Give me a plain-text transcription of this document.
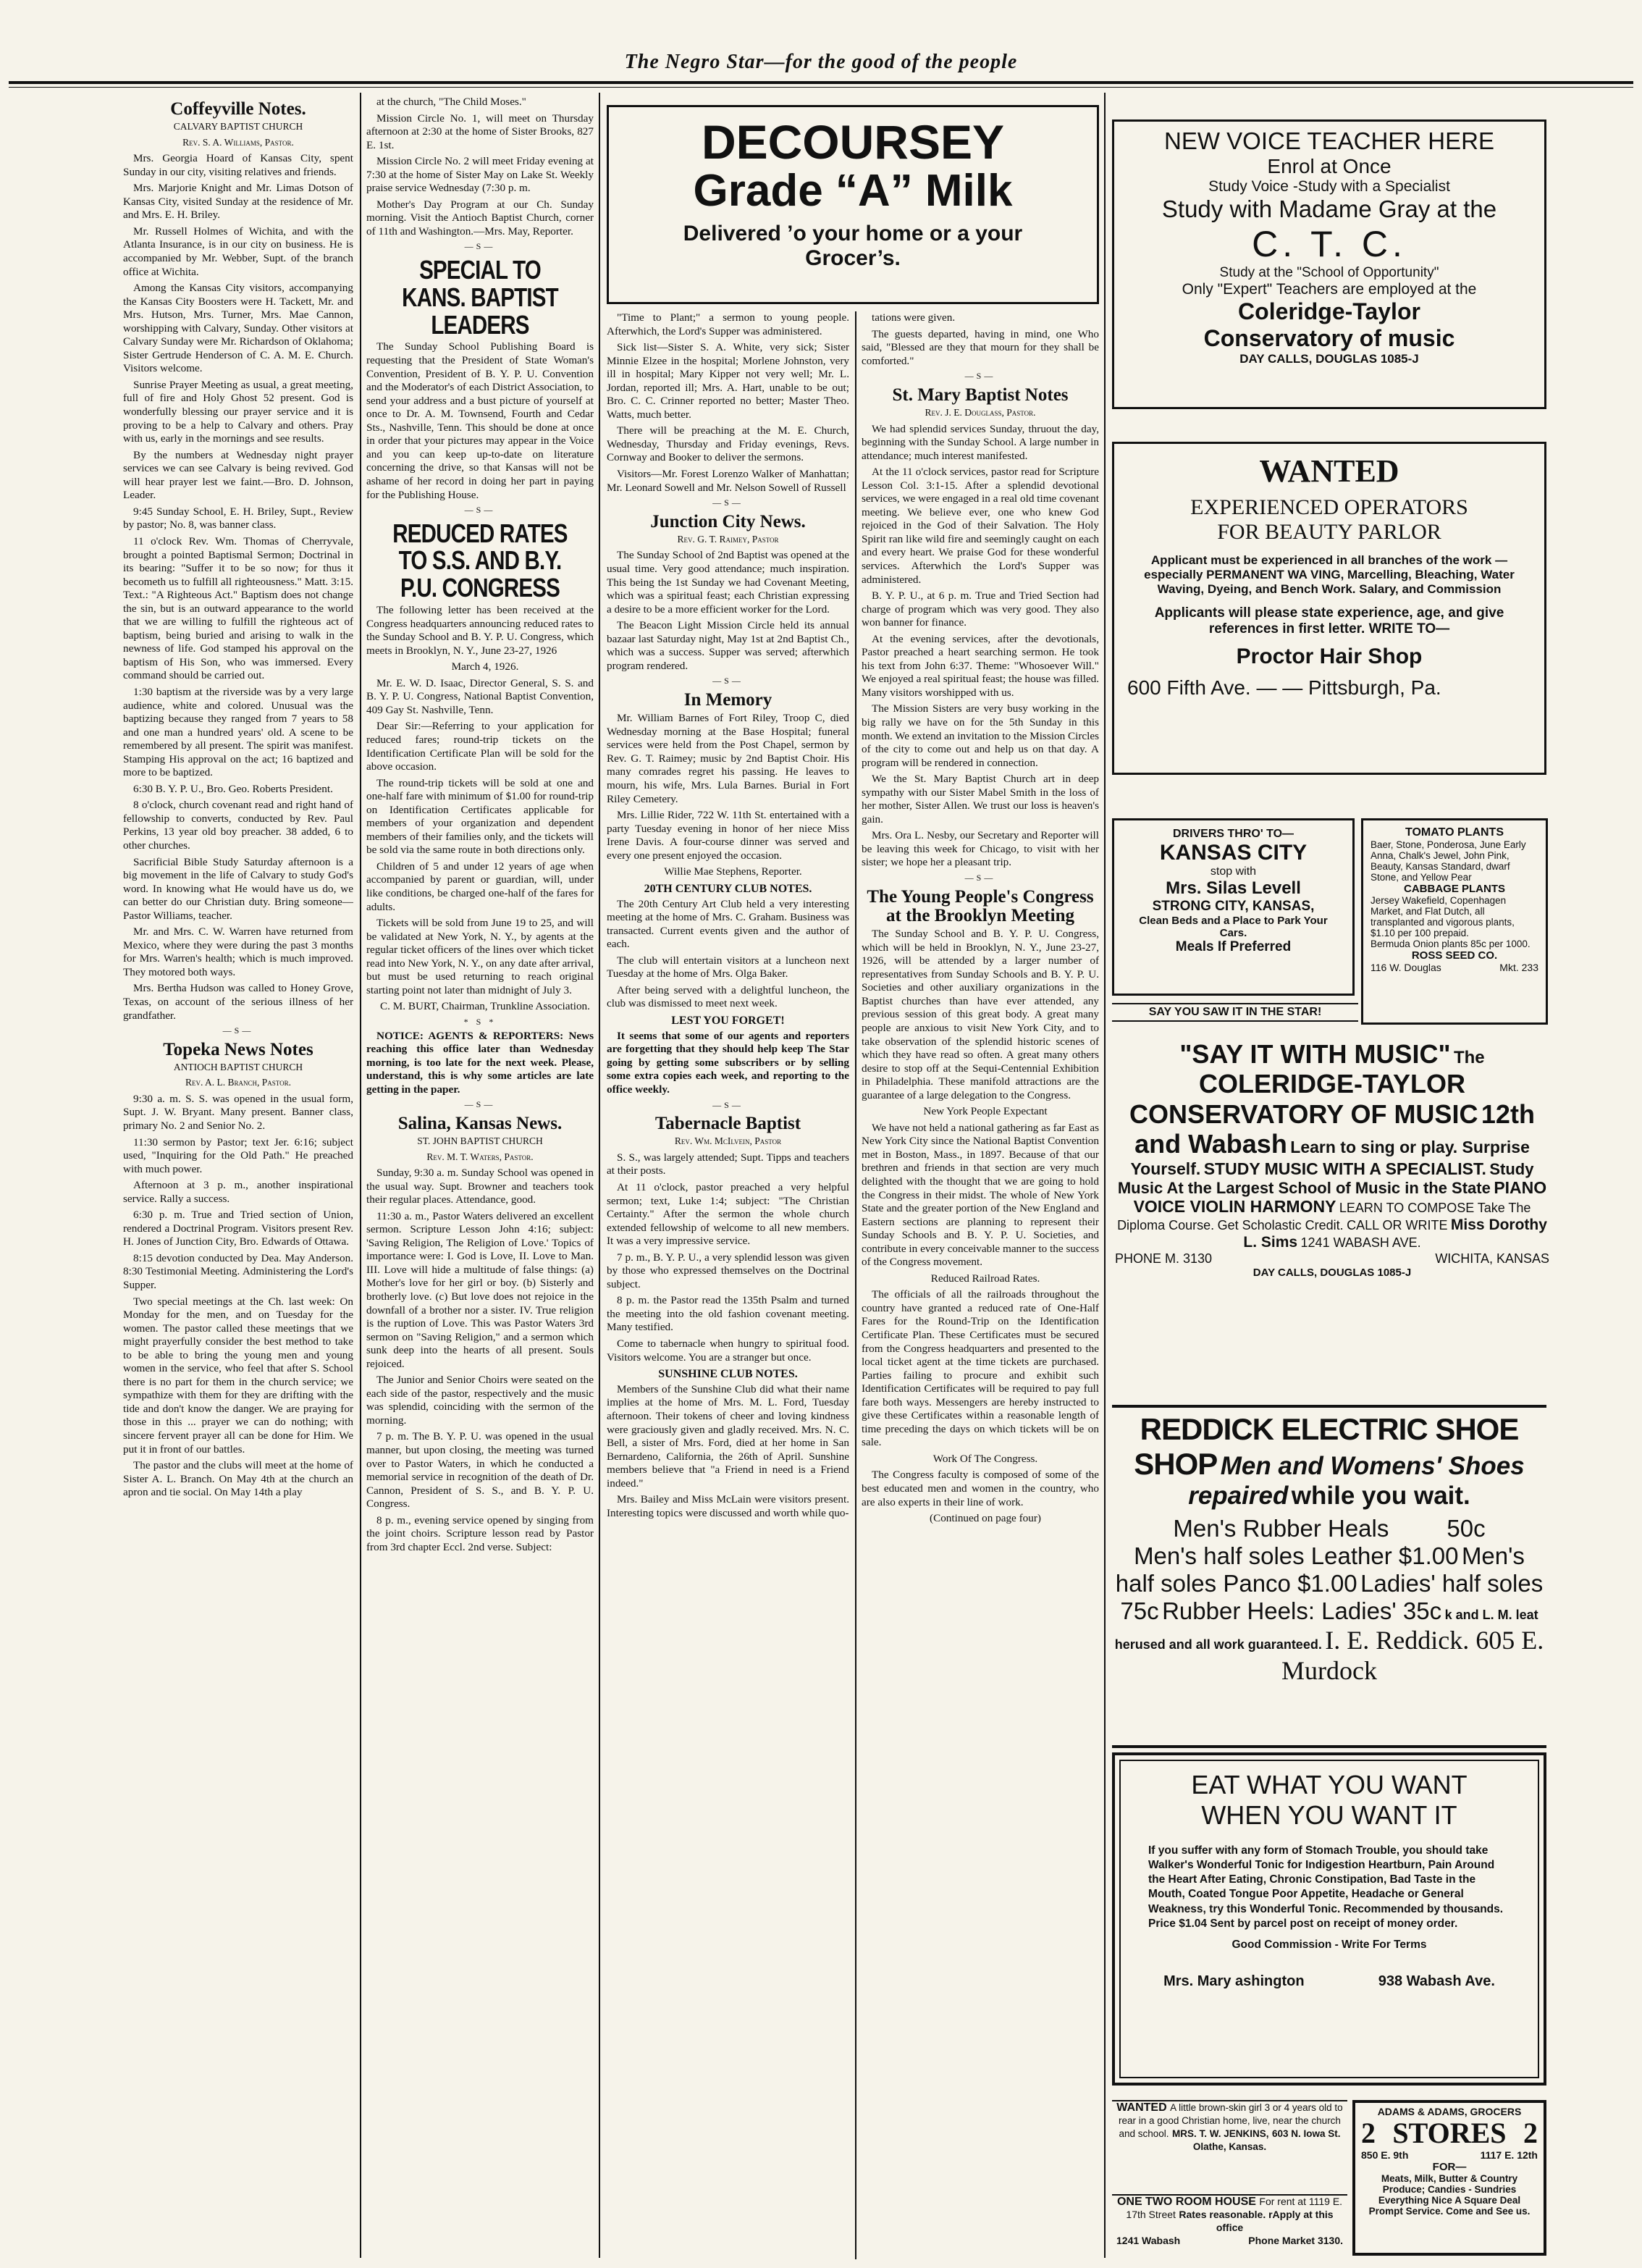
The Negro Star—for the good of the people
Coffeyville Notes.
CALVARY BAPTIST CHURCH
Rev. S. A. Williams, Pastor.

Mrs. Georgia Hoard of Kansas City, spent Sunday in our city, visiting relatives and friends.

Mrs. Marjorie Knight and Mr. Limas Dotson of Kansas City, visited Sunday at the residence of Mr. and Mrs. E. H. Briley.

Mr. Russell Holmes of Wichita, and with the Atlanta Insurance, is in our city on business. He is accompanied by Mr. Webber, Supt. of the branch office at Wichita.

Among the Kansas City visitors, accompanying the Kansas City Boosters were H. Tackett, Mr. and Mrs. Hutson, Mrs. Turner, Mrs. Mae Cannon, worshipping with Calvary, Sunday. Other visitors at Calvary Sunday were Mr. Richardson of Oklahoma; Sister Gertrude Henderson of C. A. M. E. Church. Visitors welcome.

Sunrise Prayer Meeting as usual, a great meeting, full of fire and Holy Ghost 52 present. God is wonderfully blessing our prayer service and it is proving to be a help to Calvary and others. Pray with us, early in the mornings and see results.

By the numbers at Wednesday night prayer services we can see Calvary is being revived. God will hear prayer lest we faint.—Bro. D. Johnson, Leader.

9:45 Sunday School, E. H. Briley, Supt., Review by pastor; No. 8, was banner class.

11 o'clock Rev. Wm. Thomas of Cherryvale, brought a pointed Baptismal Sermon; Doctrinal in its bearing: "Suffer it to be so now; for thus it becometh us to fulfill all righteousness." Matt. 3:15. Text.: "A Righteous Act." Baptism does not change the sin, but is an outward appearance to the world that we are willing to fulfill the righteous act of baptism, being buried and arising to walk in the newness of life. God stamped his approval on the baptism of His Son, who was immersed. Every command should be carried out.

1:30 baptism at the riverside was by a very large audience, white and colored. Unusual was the baptizing because they ranged from 7 years to 58 and one man a hundred years' old. A scene to be remembered by all present. The spirit was manifest. Stamping His approval on the act; 16 baptized and more to be baptized.

6:30 B. Y. P. U., Bro. Geo. Roberts President.

8 o'clock, church covenant read and right hand of fellowship to converts, conducted by Rev. Paul Perkins, 13 year old boy preacher. 38 added, 6 to other churches.

Sacrificial Bible Study Saturday afternoon is a big movement in the life of Calvary to study God's word. In knowing what He would have us do, we can better do our Christian duty. Bring someone—Pastor Williams, teacher.

Mr. and Mrs. C. W. Warren have returned from Mexico, where they were during the past 3 months for Mrs. Warren's health; which is much improved. They motored both ways.

Mrs. Bertha Hudson was called to Honey Grove, Texas, on account of the serious illness of her grandfather.

—S—
Topeka News Notes
ANTIOCH BAPTIST CHURCH
Rev. A. L. Branch, Pastor.

9:30 a. m. S. S. was opened in the usual form, Supt. J. W. Bryant. Many present. Banner class, primary No. 2 and Senior No. 2.

11:30 sermon by Pastor; text Jer. 6:16; subject used, "Inquiring for the Old Path." He preached with much power.

Afternoon at 3 p. m., another inspirational service. Rally a success.

6:30 p. m. True and Tried section of Union, rendered a Doctrinal Program. Visitors present Rev. H. Jones of Junction City, Bro. Edwards of Ottawa.

8:15 devotion conducted by Dea. May Anderson. 8:30 Testimonial Meeting. Administering the Lord's Supper.

Two special meetings at the Ch. last week: On Monday for the men, and on Tuesday for the women. The pastor called these meetings that we might prayerfully consider the best method to take to be able to bring the young men and young women in the service, who feel that after S. School there is no part for them in the church service; we sympathize with them for they are drifting with the tide and don't know the danger. We are praying for those in this ... prayer we can do nothing; with sincere fervent prayer all can be done for Him. We put it in front of our battles.

The pastor and the clubs will meet at the home of Sister A. L. Branch. On May 4th at the church an apron and tie social. On May 14th a play

at the church, "The Child Moses."

Mission Circle No. 1, will meet on Thursday afternoon at 2:30 at the home of Sister Brooks, 827 E. 1st.

Mission Circle No. 2 will meet Friday evening at 7:30 at the home of Sister May on Lake St. Weekly praise service Wednesday (7:30 p. m.

Mother's Day Program at our Ch. Sunday morning. Visit the Antioch Baptist Church, corner of 11th and Washington.—Mrs. May, Reporter.

—S—
SPECIAL TO KANS. BAPTIST LEADERS

The Sunday School Publishing Board is requesting that the President of State Woman's Convention, President of B. Y. P. U. Convention and the Moderator's of each District Association, to send your address and a bust picture of yourself at once to Dr. A. M. Townsend, Fourth and Cedar Sts., Nashville, Tenn. This should be done at once in order that your pictures may appear in the Voice and you can keep up-to-date on literature concerning the drive, so that Kansas will not be ashame of her record in doing her part in paying for the Publishing House.

—S—
REDUCED RATES TO S.S. AND B.Y. P.U. CONGRESS

The following letter has been received at the Congress headquarters announcing reduced rates to the Sunday School and B. Y. P. U. Congress, which meets in Brooklyn, N. Y., June 23-27, 1926

March 4, 1926.

Mr. E. W. D. Isaac, Director General, S. S. and B. Y. P. U. Congress, National Baptist Convention, 409 Gay St. Nashville, Tenn.

Dear Sir:—Referring to your application for reduced fares; round-trip tickets on the Identification Certificate Plan will be sold for the above occasion.

The round-trip tickets will be sold at one and one-half fare with minimum of $1.00 for round-trip on Identification Certificates applicable for members of your organization and dependent members of their families only, and the tickets will be sold via the same route in both directions only.

Children of 5 and under 12 years of age when accompanied by parent or guardian, will, under like conditions, be charged one-half of the fares for adults.

Tickets will be sold from June 19 to 25, and will be validated at New York, N. Y., by agents at the regular ticket officers of the lines over which ticket read into New York, N. Y., on any date after arrival, but must be used returning to reach original starting point not later than midnight of July 3.

C. M. BURT, Chairman, Trunkline Association.

* S *

NOTICE: AGENTS & REPORTERS: News reaching this office later than Wednesday morning, is too late for the next week. Please, understand, this is why some articles are late getting in the paper.

—S—
Salina, Kansas News.
ST. JOHN BAPTIST CHURCH
Rev. M. T. Waters, Pastor.

Sunday, 9:30 a. m. Sunday School was opened in the usual way. Supt. Browner and teachers took their regular places. Attendance, good.

11:30 a. m., Pastor Waters delivered an excellent sermon. Scripture Lesson John 4:16; subject: 'Saving Religion, The Religion of Love.' Topics of importance were: I. God is Love, II. Love to Man. III. Love will hide a multitude of false things: (a) Mother's love for her girl or boy. (b) Sisterly and brotherly love. (c) But love does not rejoice in the downfall of a brother nor a sister. IV. True religion is the ruption of Love. This was Pastor Waters 3rd sermon on "Saving Religion," and a sermon which sunk deep into the hearts of all present. Souls rejoiced.

The Junior and Senior Choirs were seated on the each side of the pastor, respectively and the music was splendid, coinciding with the sermon of the morning.

7 p. m. The B. Y. P. U. was opened in the usual manner, but upon closing, the meeting was turned over to Pastor Waters, in which he conducted a memorial service in recognition of the death of Dr. Cannon, President of S. S., and B. Y. P. U. Congress.

8 p. m., evening service opened by singing from the joint choirs. Scripture lesson read by Pastor from 3rd chapter Eccl. 2nd verse. Subject:

DECOURSEY
Grade “A” Milk
Delivered ’o your home or a your Grocer’s.

"Time to Plant;" a sermon to young people. Afterwhich, the Lord's Supper was administered.

Sick list—Sister S. A. White, very sick; Sister Minnie Elzee in the hospital; Morlene Johnston, very ill in hospital; Mary Kipper not very well; Mr. L. Jordan, reported ill; Mrs. A. Hart, unable to be out; Bro. C. C. Crinner reported no better; Master Theo. Watts, much better.

There will be preaching at the M. E. Church, Wednesday, Thursday and Friday evenings, Revs. Cornway and Booker to deliver the sermons.

Visitors—Mr. Forest Lorenzo Walker of Manhattan; Mr. Leonard Sowell and Mr. Nelson Sowell of Russell

—S—
Junction City News.
Rev. G. T. Raimey, Pastor

The Sunday School of 2nd Baptist was opened at the usual time. Very good attendance; much inspiration. This being the 1st Sunday we had Covenant Meeting, which was a spiritual feast; each Christian expressing a desire to be a more efficient worker for the Lord.

The Beacon Light Mission Circle held its annual bazaar last Saturday night, May 1st at 2nd Baptist Ch., which was a success. Supper was served; afterwhich program rendered.

—S—
In Memory

Mr. William Barnes of Fort Riley, Troop C, died Wednesday morning at the Base Hospital; funeral services were held from the Post Chapel, sermon by Rev. G. T. Raimey; music by 2nd Baptist Choir. His many comrades regret his passing. He leaves to mourn, his wife, Mrs. Lula Barnes. Burial in Fort Riley Cemetery.

Mrs. Lillie Rider, 722 W. 11th St. entertained with a party Tuesday evening in honor of her niece Miss Irene Davis. A four-course dinner was served and every one present enjoyed the occasion.

Willie Mae Stephens, Reporter.

20TH CENTURY CLUB NOTES.

The 20th Century Art Club held a very interesting meeting at the home of Mrs. C. Graham. Business was transacted. Current events given and the author of each.

The club will entertain visitors at a luncheon next Tuesday at the home of Mrs. Olga Baker.

After being served with a delightful luncheon, the club was dismissed to meet next week.

LEST YOU FORGET!

It seems that some of our agents and reporters are forgetting that they should help keep The Star going by getting some subscribers or by selling some extra copies each week, and reporting to the office weekly.

—S—
Tabernacle Baptist
Rev. Wm. McIlvein, Pastor

S. S., was largely attended; Supt. Tipps and teachers at their posts.

At 11 o'clock, pastor preached a very helpful sermon; text, Luke 1:4; subject: "The Christian Certainty." After the sermon the whole church extended fellowship of welcome to all new members. It was a very impressive service.

7 p. m., B. Y. P. U., a very splendid lesson was given by those who expressed themselves on the Doctrinal subject.

8 p. m. the Pastor read the 135th Psalm and turned the meeting into the old fashion covenant meeting. Many testified.

Come to tabernacle when hungry to spiritual food. Visitors welcome. You are a stranger but once.

SUNSHINE CLUB NOTES.

Members of the Sunshine Club did what their name implies at the home of Mrs. M. L. Ford, Tuesday afternoon. Their tokens of cheer and loving kindness were graciously given and gladly received. Mrs. N. C. Bell, a sister of Mrs. Ford, died at her home in San Bernardeno, California, the 26th of April. Sunshine members believe that "a Friend in need is a Friend indeed."

Mrs. Bailey and Miss McLain were visitors present. Interesting topics were discussed and worth while quo-

tations were given.

The guests departed, having in mind, one Who said, "Blessed are they that mourn for they shall be comforted."

—S—
St. Mary Baptist Notes
Rev. J. E. Douglass, Pastor.

We had splendid services Sunday, thruout the day, beginning with the Sunday School. A large number in attendance; much interest manifested.

At the 11 o'clock services, pastor read for Scripture Lesson Col. 3:1-15. After a splendid devotional services, we were engaged in a real old time covenant meeting. We believe ever, one who knew God rejoiced in the God of their Salvation. The Holy Spirit ran like wild fire and seemingly caught on each and every heart. We praise God for these wonderful services. Afterwhich the Lord's Supper was administered.

B. Y. P. U., at 6 p. m. True and Tried Section had charge of program which was very good. They also won banner for finance.

At the evening services, after the devotionals, Pastor preached a heart searching sermon. He took his text from John 6:37. Theme: "Whosoever Will." We enjoyed a real spiritual feast; the house was filled. Many visitors worshipped with us.

The Mission Sisters are very busy working in the big rally we have on for the 5th Sunday in this month. We extend an invitation to the Mission Circles of the city to come out and help us on that day. A program will be rendered in connection.

We the St. Mary Baptist Church art in deep sympathy with our Sister Mabel Smith in the loss of her mother, Sister Allen. We trust our loss is heaven's gain.

Mrs. Ora L. Nesby, our Secretary and Reporter will be leaving this week for Chicago, to visit with her sister; we hope her a pleasant trip.

—S—
The Young People's Congress at the Brooklyn Meeting

The Sunday School and B. Y. P. U. Congress, which will be held in Brooklyn, N. Y., June 23-27, 1926, will be attended by a larger number of representatives from Sunday Schools and B. Y. P. U. Societies and other auxiliary organizations in the Baptist churches than have ever attended, any previous session of this great body. A great many people are anxious to visit New York City, and to take observation of the splendid historic scenes of which they have read so often. A great many others desire to stop off at the Sequi-Centennial Exhibition in Philadelphia. These manifold attractions are the guarantee of a large delegation to the Congress.

New York People Expectant

We have not held a national gathering as far East as New York City since the National Baptist Convention met in Boston, Mass., in 1897. Because of that our brethren and friends in that section are very much delighted with the thought that we are going to hold the Congress in their midst. The whole of New York State and the greater portion of the New England and Eastern sections are planning to represent their Sunday Schools and B. Y. P. U. Societies, and contribute in every conceivable manner to the success of the Congress movement.

Reduced Railroad Rates.

The officials of all the railroads throughout the country have granted a reduced rate of One-Half Fares for the Round-Trip on the Identification Certificate Plan. These Certificates must be secured from the Congress headquarters and presented to the local ticket agent at the time tickets are purchased. Parties failing to procure and exhibit such Identification Certificates will be required to pay full fare both ways. Messengers are hereby instructed to give these Certificates within a reasonable length of time preceding the days on which tickets will be on sale.

Work Of The Congress.

The Congress faculty is composed of some of the best educated men and women in the country, who are also experts in their line of work.

(Continued on page four)

NEW VOICE TEACHER HERE
Enrol at Once
Study Voice -Study with a Specialist
Study with Madame Gray at the
C. T. C.
Study at the "School of Opportunity"
Only "Expert" Teachers are employed at the
Coleridge-Taylor
Conservatory of music
DAY CALLS, DOUGLAS 1085-J
WANTED
EXPERIENCED OPERATORS
FOR BEAUTY PARLOR
Applicant must be experienced in all branches of the work —especially PERMANENT WA VING, Marcelling, Bleaching, Water Waving, Dyeing, and Bench Work. Salary, and Commission
Applicants will please state experience, age, and give references in first letter. WRITE TO—
Proctor Hair Shop
600 Fifth Ave. — — Pittsburgh, Pa.
DRIVERS THRO' TO—
KANSAS CITY
stop with
Mrs. Silas Levell
STRONG CITY, KANSAS,
Clean Beds and a Place to Park Your Cars.
Meals If Preferred
SAY YOU SAW IT IN THE STAR!
TOMATO PLANTS
Baer, Stone, Ponderosa, June Early Anna, Chalk's Jewel, John Pink, Beauty, Kansas Standard, dwarf Stone, and Yellow Pear
CABBAGE PLANTS
Jersey Wakefield, Copenhagen Market, and Flat Dutch, all transplanted and vigorous plants, $1.10 per 100 prepaid.
Bermuda Onion plants 85c per 1000.
ROSS SEED CO.
116 W. Douglas	Mkt. 233
"SAY IT WITH MUSIC" The COLERIDGE-TAYLOR CONSERVATORY OF MUSIC 12th and Wabash Learn to sing or play. Surprise Yourself. STUDY MUSIC WITH A SPECIALIST. Study Music At the Largest School of Music in the State PIANO VOICE VIOLIN HARMONY LEARN TO COMPOSE Take The Diploma Course. Get Scholastic Credit. CALL OR WRITE Miss Dorothy L. Sims 1241 WABASH AVE.
PHONE M. 3130	WICHITA, KANSAS
DAY CALLS, DOUGLAS 1085-J
REDDICK ELECTRIC SHOE SHOP Men and Womens' Shoes repaired while you wait.
Men's Rubber Heals 50c
Men's half soles Leather $1.00 Men's half soles Panco $1.00 Ladies' half soles 75c Rubber Heels: Ladies' 35c k and L. M. leat herused and all work guaranteed. I. E. Reddick. 605 E. Murdock
EAT WHAT YOU WANT
WHEN YOU WANT IT
If you suffer with any form of Stomach Trouble, you should take Walker's Wonderful Tonic for Indigestion Heartburn, Pain Around the Heart After Eating, Chronic Constipation, Bad Taste in the Mouth, Coated Tongue Poor Appetite, Headache or General Weakness, try this Wonderful Tonic. Recommended by thousands. Price $1.04 Sent by parcel post on receipt of money order.
Good Commission - Write For Terms
Mrs. Mary ashington	938 Wabash Ave.
WANTED A little brown-skin girl 3 or 4 years old to rear in a good Christian home, live, near the church and school. MRS. T. W. JENKINS, 603 N. Iowa St. Olathe, Kansas.
ONE TWO ROOM HOUSE For rent at 1119 E. 17th Street Rates reasonable. rApply at this office
1241 Wabash	Phone Market 3130.
ADAMS & ADAMS, GROCERS
2 STORES 2
850 E. 9th	1117 E. 12th
FOR—
Meats, Milk, Butter & Country Produce; Candies - Sundries
Everything Nice A Square Deal
Prompt Service. Come and See us.
